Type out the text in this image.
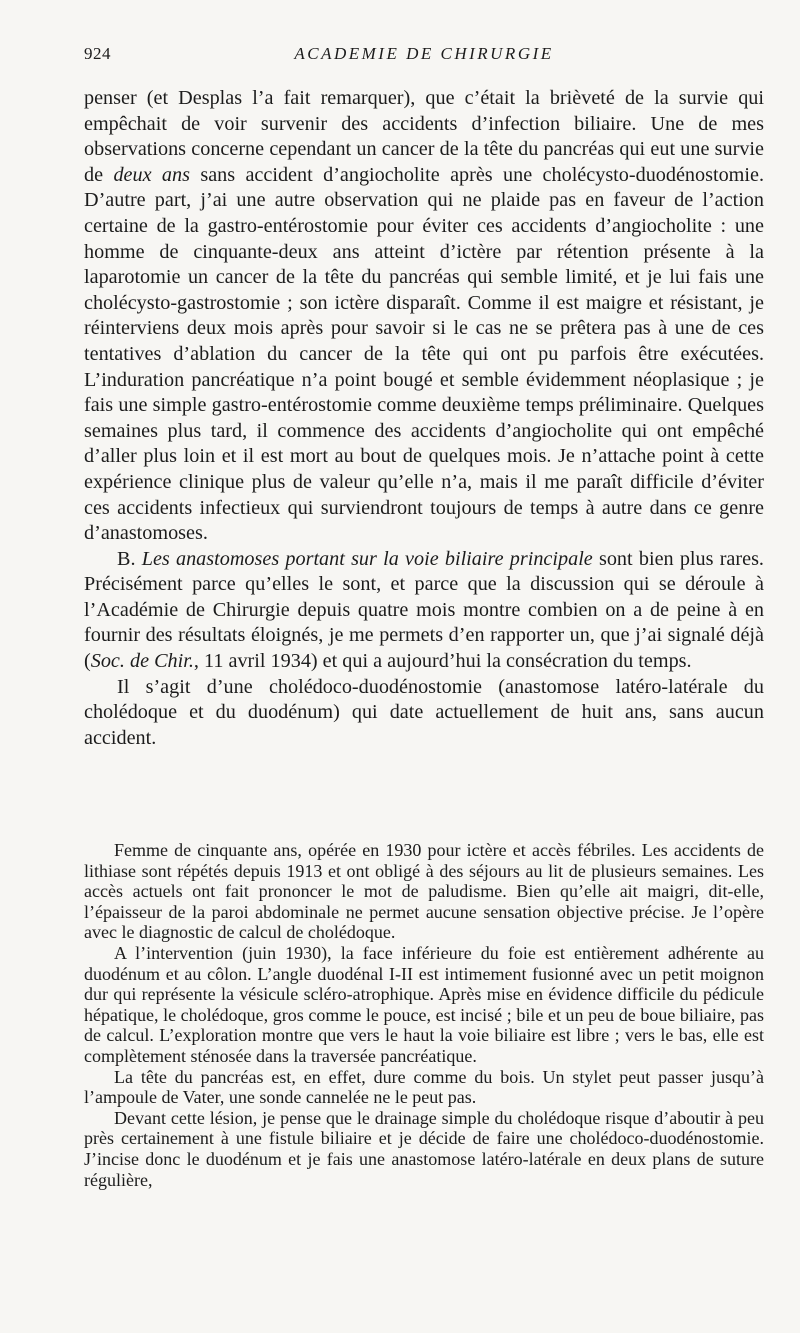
924	ACADEMIE DE CHIRURGIE

penser (et Desplas l’a fait remarquer), que c’était la brièveté de la survie qui empêchait de voir survenir des accidents d’infection biliaire. Une de mes observations concerne cependant un cancer de la tête du pancréas qui eut une survie de deux ans sans accident d’angiocholite après une cholécysto-duodénostomie. D’autre part, j’ai une autre observation qui ne plaide pas en faveur de l’action certaine de la gastro-entérostomie pour éviter ces accidents d’angiocholite : une homme de cinquante-deux ans atteint d’ictère par rétention présente à la laparotomie un cancer de la tête du pancréas qui semble limité, et je lui fais une cholécysto-gastrostomie ; son ictère disparaît. Comme il est maigre et résistant, je réinterviens deux mois après pour savoir si le cas ne se prêtera pas à une de ces tentatives d’ablation du cancer de la tête qui ont pu parfois être exécutées. L’induration pancréatique n’a point bougé et semble évidemment néoplasique ; je fais une simple gastro-entérostomie comme deuxième temps préliminaire. Quelques semaines plus tard, il commence des accidents d’angiocholite qui ont empêché d’aller plus loin et il est mort au bout de quelques mois. Je n’attache point à cette expérience clinique plus de valeur qu’elle n’a, mais il me paraît difficile d’éviter ces accidents infectieux qui surviendront toujours de temps à autre dans ce genre d’anastomoses.

B. Les anastomoses portant sur la voie biliaire principale sont bien plus rares. Précisément parce qu’elles le sont, et parce que la discussion qui se déroule à l’Académie de Chirurgie depuis quatre mois montre combien on a de peine à en fournir des résultats éloignés, je me permets d’en rapporter un, que j’ai signalé déjà (Soc. de Chir., 11 avril 1934) et qui a aujourd’hui la consécration du temps.

Il s’agit d’une cholédoco-duodénostomie (anastomose latéro-latérale du cholédoque et du duodénum) qui date actuellement de huit ans, sans aucun accident.

Femme de cinquante ans, opérée en 1930 pour ictère et accès fébriles. Les accidents de lithiase sont répétés depuis 1913 et ont obligé à des séjours au lit de plusieurs semaines. Les accès actuels ont fait prononcer le mot de paludisme. Bien qu’elle ait maigri, dit-elle, l’épaisseur de la paroi abdominale ne permet aucune sensation objective précise. Je l’opère avec le diagnostic de calcul de cholédoque.

A l’intervention (juin 1930), la face inférieure du foie est entièrement adhérente au duodénum et au côlon. L’angle duodénal I-II est intimement fusionné avec un petit moignon dur qui représente la vésicule scléro-atrophique. Après mise en évidence difficile du pédicule hépatique, le cholédoque, gros comme le pouce, est incisé ; bile et un peu de boue biliaire, pas de calcul. L’exploration montre que vers le haut la voie biliaire est libre ; vers le bas, elle est complètement sténosée dans la traversée pancréatique.

La tête du pancréas est, en effet, dure comme du bois. Un stylet peut passer jusqu’à l’ampoule de Vater, une sonde cannelée ne le peut pas.

Devant cette lésion, je pense que le drainage simple du cholédoque risque d’aboutir à peu près certainement à une fistule biliaire et je décide de faire une cholédoco-duodénostomie. J’incise donc le duodénum et je fais une anastomose latéro-latérale en deux plans de suture régulière,
